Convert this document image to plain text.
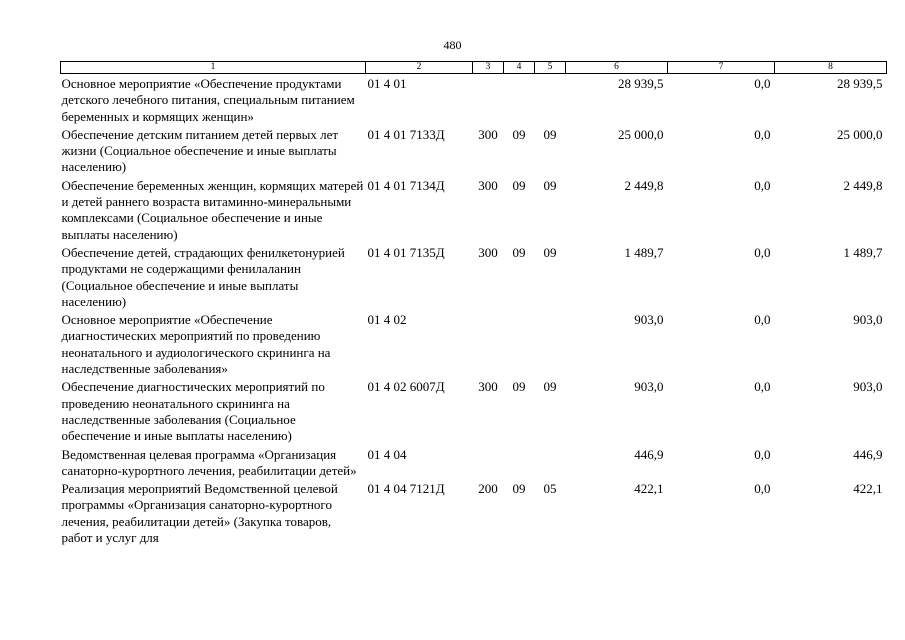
480
1	2	3	4	5	6	7	8
Основное мероприятие «Обеспечение продуктами детского лечебного питания, специальным питанием беременных и кормящих женщин»	01 4 01				28 939,5	0,0	28 939,5
Обеспечение детским питанием детей первых лет жизни (Социальное обеспечение и иные выплаты населению)	01 4 01 7133Д	300	09	09	25 000,0	0,0	25 000,0
Обеспечение беременных женщин, кормящих матерей и детей раннего возраста витаминно-минеральными комплексами (Социальное обеспечение и иные выплаты населению)	01 4 01 7134Д	300	09	09	2 449,8	0,0	2 449,8
Обеспечение детей, страдающих фенилкетонурией продуктами не содержащими фенилаланин (Социальное обеспечение и иные выплаты населению)	01 4 01 7135Д	300	09	09	1 489,7	0,0	1 489,7
Основное мероприятие «Обеспечение диагностических мероприятий по проведению неонатального и аудиологического скрининга на наследственные заболевания»	01 4 02				903,0	0,0	903,0
Обеспечение диагностических мероприятий по проведению неонатального скрининга на наследственные заболевания (Социальное обеспечение и иные выплаты населению)	01 4 02 6007Д	300	09	09	903,0	0,0	903,0
Ведомственная целевая программа «Организация санаторно-курортного лечения, реабилитации детей»	01 4 04				446,9	0,0	446,9
Реализация мероприятий Ведомственной целевой программы «Организация санаторно-курортного лечения, реабилитации детей» (Закупка товаров, работ и услуг для	01 4 04 7121Д	200	09	05	422,1	0,0	422,1
